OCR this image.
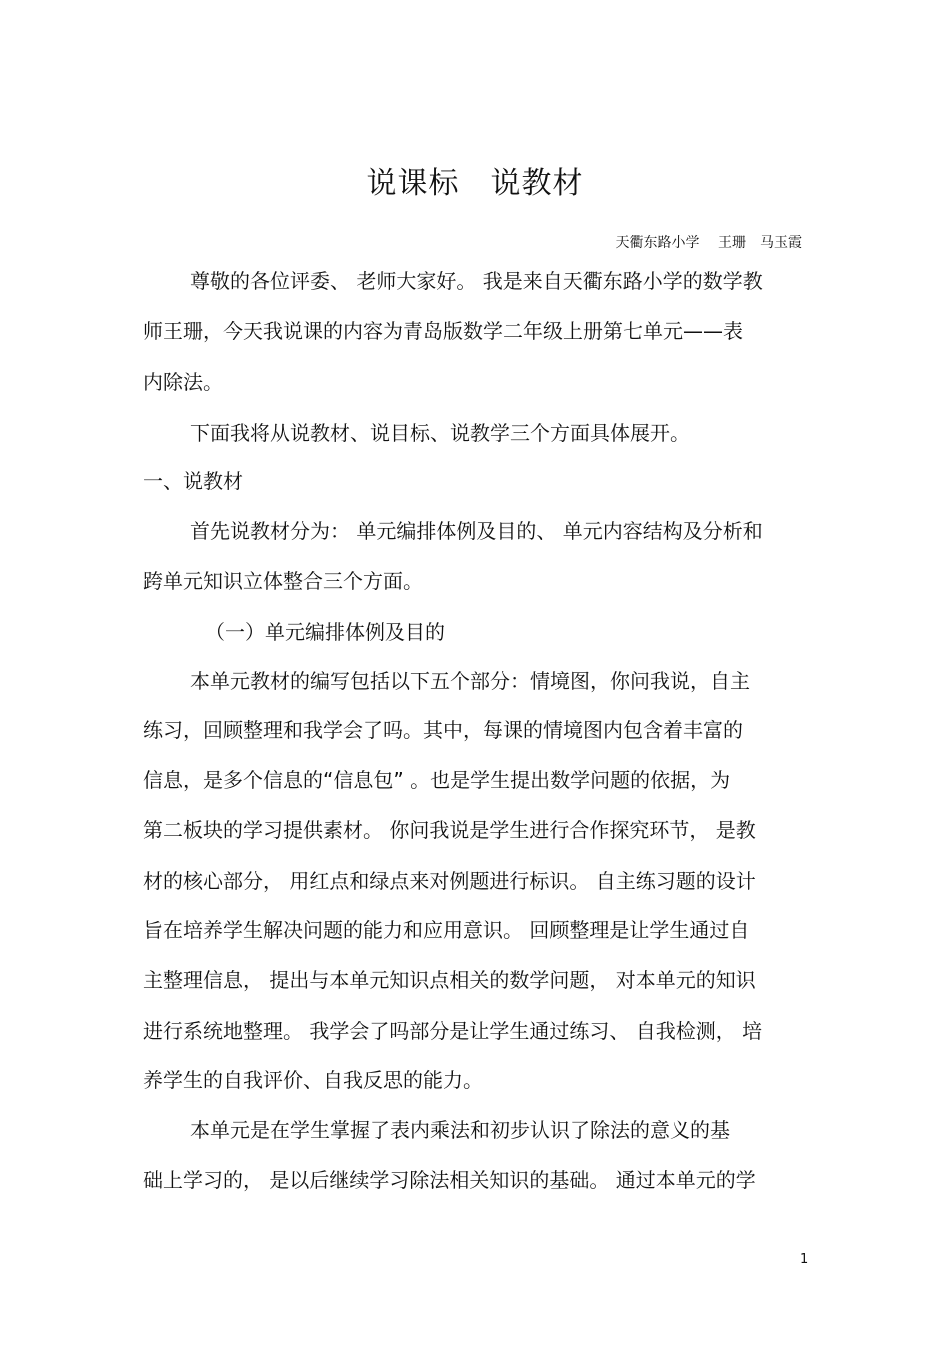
说课标　说教材
天衢东路小学　 王珊　马玉霞
尊敬的各位评委、 老师大家好。 我是来自天衢东路小学的数学教
师王珊，今天我说课的内容为青岛版数学二年级上册第七单元——表
内除法。
下面我将从说教材、说目标、说教学三个方面具体展开。
一、说教材
首先说教材分为： 单元编排体例及目的、 单元内容结构及分析和
跨单元知识立体整合三个方面。
（一）单元编排体例及目的
本单元教材的编写包括以下五个部分：情境图，你问我说，自主
练习，回顾整理和我学会了吗。其中，每课的情境图内包含着丰富的
信息，是多个信息的“信息包” 。也是学生提出数学问题的依据，为
第二板块的学习提供素材。 你问我说是学生进行合作探究环节， 是教
材的核心部分， 用红点和绿点来对例题进行标识。 自主练习题的设计
旨在培养学生解决问题的能力和应用意识。 回顾整理是让学生通过自
主整理信息， 提出与本单元知识点相关的数学问题， 对本单元的知识
进行系统地整理。 我学会了吗部分是让学生通过练习、 自我检测， 培
养学生的自我评价、自我反思的能力。
本单元是在学生掌握了表内乘法和初步认识了除法的意义的基
础上学习的， 是以后继续学习除法相关知识的基础。 通过本单元的学
1
